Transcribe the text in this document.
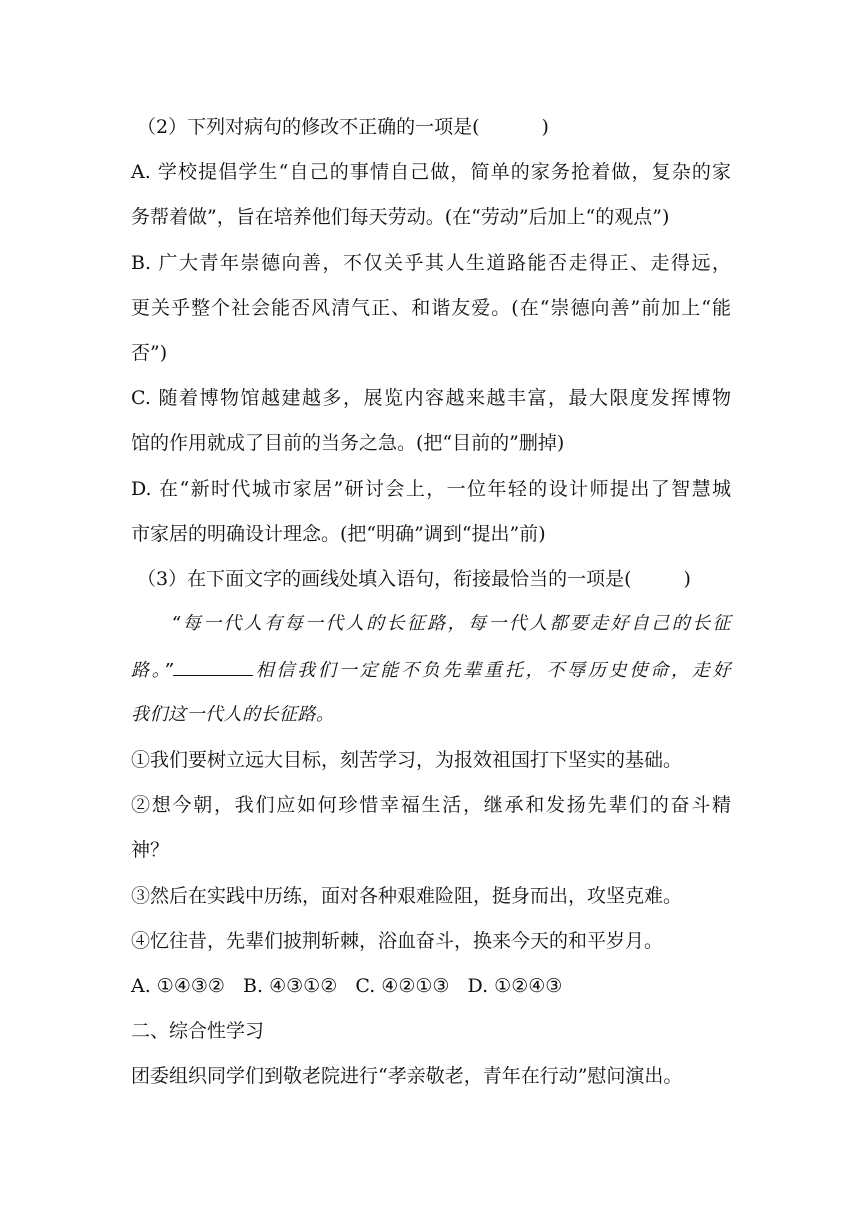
（2）下列对病句的修改不正确的一项是(	)
A. 学校提倡学生“自己的事情自己做，简单的家务抢着做，复杂的家
务帮着做”，旨在培养他们每天劳动。(在“劳动”后加上“的观点”)
B. 广大青年崇德向善，不仅关乎其人生道路能否走得正、走得远，
更关乎整个社会能否风清气正、和谐友爱。(在“崇德向善”前加上“能
否”)
C. 随着博物馆越建越多，展览内容越来越丰富，最大限度发挥博物
馆的作用就成了目前的当务之急。(把“目前的”删掉)
D. 在“新时代城市家居”研讨会上，一位年轻的设计师提出了智慧城
市家居的明确设计理念。(把“明确”调到“提出”前)
（3）在下面文字的画线处填入语句，衔接最恰当的一项是(	)
“每一代人有每一代人的长征路，每一代人都要走好自己的长征
路。”	相信我们一定能不负先辈重托，不辱历史使命，走好
我们这一代人的长征路。
①我们要树立远大目标，刻苦学习，为报效祖国打下坚实的基础。
②想今朝，我们应如何珍惜幸福生活，继承和发扬先辈们的奋斗精
神？
③然后在实践中历练，面对各种艰难险阻，挺身而出，攻坚克难。
④忆往昔，先辈们披荆斩棘，浴血奋斗，换来今天的和平岁月。
A. ①④③②   B. ④③①②   C. ④②①③   D. ①②④③
二、综合性学习
团委组织同学们到敬老院进行“孝亲敬老，青年在行动”慰问演出。
